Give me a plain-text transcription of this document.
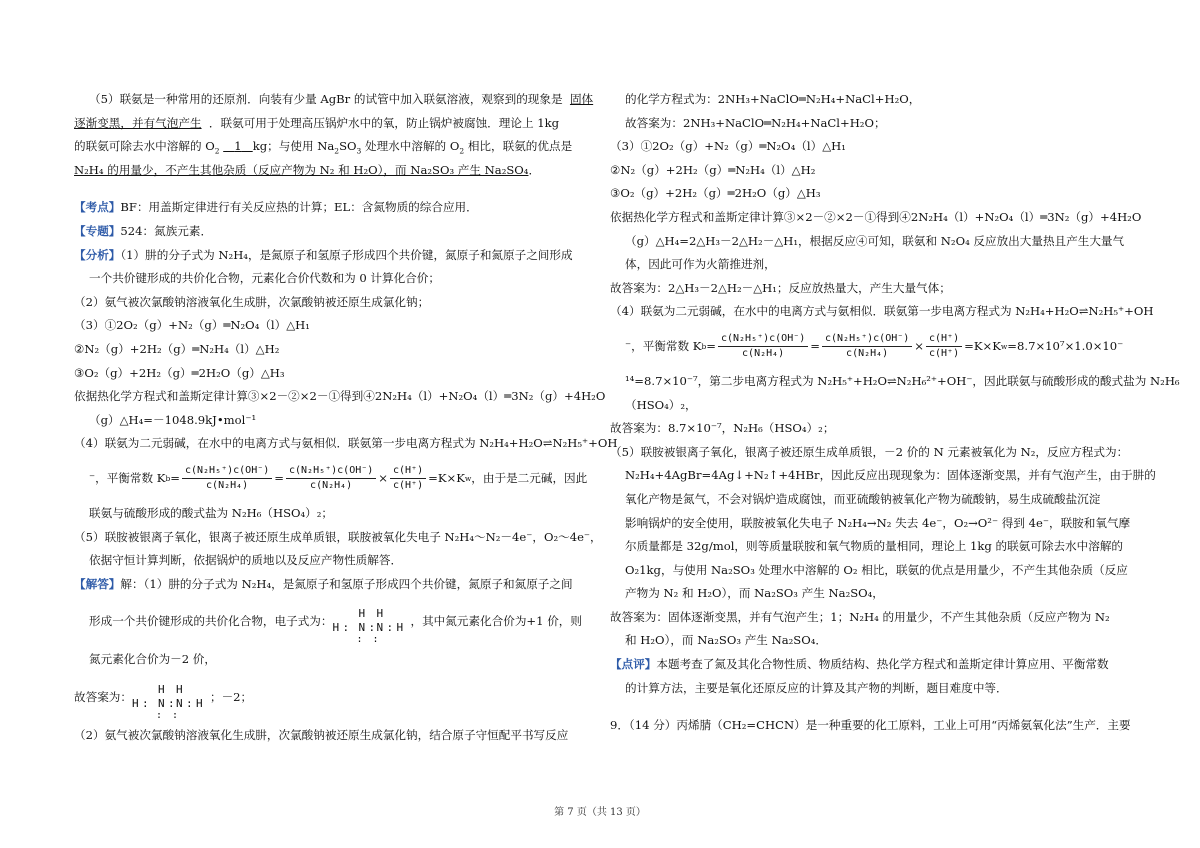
（5）联氨是一种常用的还原剂．向装有少量 AgBr 的试管中加入联氨溶液，观察到的现象是 固体
逐渐变黑，并有气泡产生 ．联氨可用于处理高压锅炉水中的氧，防止锅炉被腐蚀．理论上 1kg
的联氨可除去水中溶解的 $O_2$ 1 kg；与使用 $Na_2SO_3$ 处理水中溶解的 $O_2$ 相比，联氨的优点是
N₂H₄ 的用量少，不产生其他杂质（反应产物为 N₂ 和 H₂O），而 Na₂SO₃ 产生 Na₂SO₄．
【考点】BF：用盖斯定律进行有关反应热的计算；EL：含氮物质的综合应用．
【专题】524：氮族元素．
【分析】（1）肼的分子式为 N₂H₄，是氮原子和氢原子形成四个共价键，氮原子和氮原子之间形成
一个共价键形成的共价化合物，元素化合价代数和为 0 计算化合价；
（2）氨气被次氯酸钠溶液氧化生成肼，次氯酸钠被还原生成氯化钠；
（3）①2O₂（g）+N₂（g）═N₂O₄（l）△H₁
②N₂（g）+2H₂（g）═N₂H₄（l）△H₂
③O₂（g）+2H₂（g）═2H₂O（g）△H₃
依据热化学方程式和盖斯定律计算③×2－②×2－①得到④2N₂H₄（l）+N₂O₄（l）═3N₂（g）+4H₂O
（g）△H₄=－1048.9kJ•mol⁻¹
（4）联氨为二元弱碱，在水中的电离方式与氨相似．联氨第一步电离方程式为 N₂H₄+H₂O⇌N₂H₅⁺+OH
⁻，平衡常数 K $b = \frac{\text{c(N₂H₅⁺)c(OH⁻)}}{\text{c(N₂H₄)}} = \frac{\text{c(N₂H₅⁺)c(OH⁻)}}{\text{c(N₂H₄)}} \times \frac{c(H^+)}{c(H^+)} =K\times K$ w ，由于是二元碱，因此
联氨与硫酸形成的酸式盐为 N₂H₆（HSO₄）₂；
（5）联胺被银离子氧化，银离子被还原生成单质银，联胺被氧化失电子 N₂H₄～N₂－4e⁻，O₂～4e⁻，
依据守恒计算判断，依据锅炉的质地以及反应产物性质解答．
【解答】解：（1）肼的分子式为 N₂H₄，是氮原子和氢原子形成四个共价键，氮原子和氮原子之间
形成一个共价键形成的共价化合物，电子式为：
H H
H : N : N : H
: :
，其中氮元素化合价为+1 价，则
氮元素化合价为－2 价，
故答案为：
H H
H : N : N : H
: :
；－2；
（2）氨气被次氯酸钠溶液氧化生成肼，次氯酸钠被还原生成氯化钠，结合原子守恒配平书写反应
的化学方程式为：2NH₃+NaClO═N₂H₄+NaCl+H₂O，
故答案为：2NH₃+NaClO═N₂H₄+NaCl+H₂O；
（3）①2O₂（g）+N₂（g）═N₂O₄（l）△H₁
②N₂（g）+2H₂（g）═N₂H₄（l）△H₂
③O₂（g）+2H₂（g）═2H₂O（g）△H₃
依据热化学方程式和盖斯定律计算③×2－②×2－①得到④2N₂H₄（l）+N₂O₄（l）═3N₂（g）+4H₂O
（g）△H₄=2△H₃－2△H₂－△H₁，根据反应④可知，联氨和 N₂O₄ 反应放出大量热且产生大量气
体，因此可作为火箭推进剂，
故答案为：2△H₃－2△H₂－△H₁；反应放热量大，产生大量气体；
（4）联氨为二元弱碱，在水中的电离方式与氨相似．联氨第一步电离方程式为 N₂H₄+H₂O⇌N₂H₅⁺+OH
⁻，平衡常数 K $b = \frac{\text{c(N₂H₅⁺)c(OH⁻)}}{\text{c(N₂H₄)}} = \frac{\text{c(N₂H₅⁺)c(OH⁻)}}{\text{c(N₂H₄)}} \times \frac{c(H^+)}{c(H^+)} =K\times K$ w =8.7×10⁷×1.0×10⁻
¹⁴=8.7×10⁻⁷，第二步电离方程式为 N₂H₅⁺+H₂O⇌N₂H₆²⁺+OH⁻，因此联氨与硫酸形成的酸式盐为 N₂H₆
（HSO₄）₂，
故答案为：8.7×10⁻⁷，N₂H₆（HSO₄）₂；
（5）联胺被银离子氧化，银离子被还原生成单质银，－2 价的 N 元素被氧化为 N₂，反应方程式为：
N₂H₄+4AgBr=4Ag↓+N₂↑+4HBr，因此反应出现现象为：固体逐渐变黑，并有气泡产生，由于肼的
氧化产物是氮气，不会对锅炉造成腐蚀，而亚硫酸钠被氧化产物为硫酸钠，易生成硫酸盐沉淀
影响锅炉的安全使用，联胺被氧化失电子 N₂H₄→N₂ 失去 4e⁻，O₂→O²⁻ 得到 4e⁻，联胺和氧气摩
尔质量都是 32g/mol，则等质量联胺和氧气物质的量相同，理论上 1kg 的联氨可除去水中溶解的
O₂1kg，与使用 Na₂SO₃ 处理水中溶解的 O₂ 相比，联氨的优点是用量少，不产生其他杂质（反应
产物为 N₂ 和 H₂O），而 Na₂SO₃ 产生 Na₂SO₄，
故答案为：固体逐渐变黑，并有气泡产生；1；N₂H₄ 的用量少，不产生其他杂质（反应产物为 N₂
和 H₂O），而 Na₂SO₃ 产生 Na₂SO₄．
【点评】本题考查了氮及其化合物性质、物质结构、热化学方程式和盖斯定律计算应用、平衡常数
的计算方法，主要是氧化还原反应的计算及其产物的判断，题目难度中等．
9．（14 分）丙烯腈（CH₂=CHCN）是一种重要的化工原料，工业上可用“丙烯氨氧化法”生产．主要
第 7 页（共 13 页）
